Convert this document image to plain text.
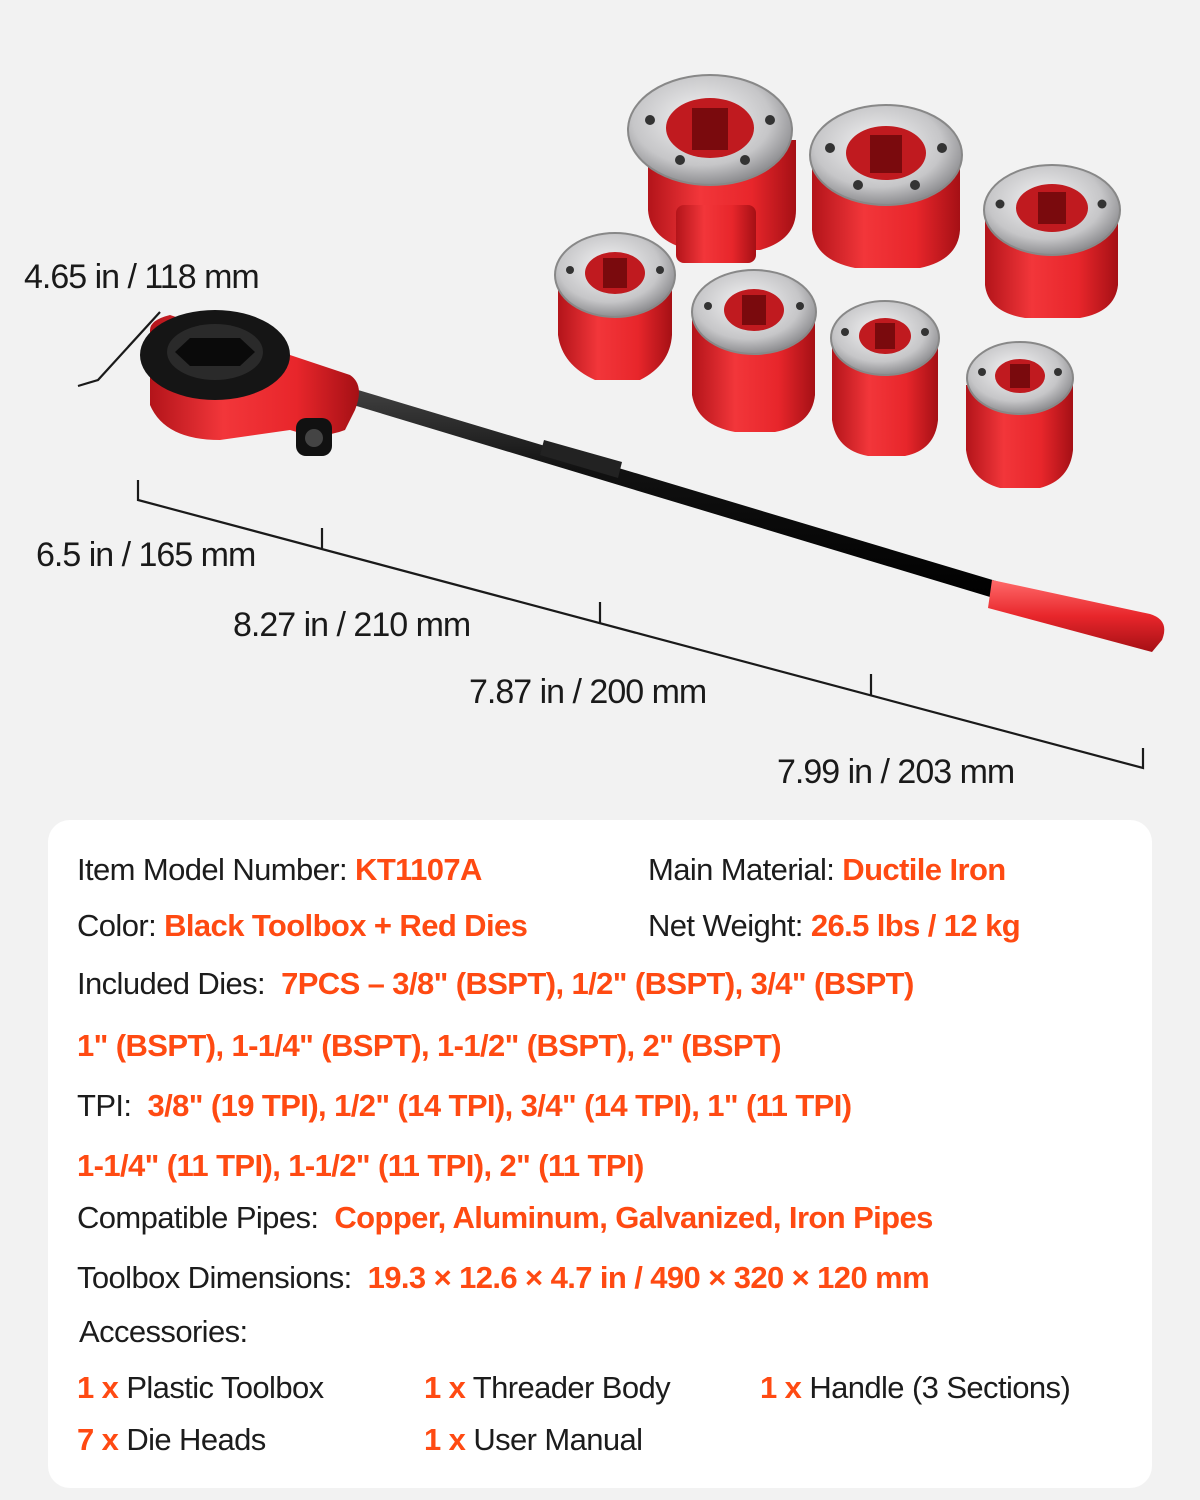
4.65 in / 118 mm
6.5 in / 165 mm
8.27 in / 210 mm
7.87 in / 200 mm
7.99 in / 203 mm
Item Model Number: KT1107A	Main Material: Ductile Iron
Color: Black Toolbox + Red Dies	Net Weight: 26.5 lbs / 12 kg
Included Dies: 7PCS – 3/8" (BSPT), 1/2" (BSPT), 3/4" (BSPT)
1" (BSPT), 1-1/4" (BSPT), 1-1/2" (BSPT), 2" (BSPT)
TPI: 3/8" (19 TPI), 1/2" (14 TPI), 3/4" (14 TPI), 1" (11 TPI)
1-1/4" (11 TPI), 1-1/2" (11 TPI), 2" (11 TPI)
Compatible Pipes: Copper, Aluminum, Galvanized, Iron Pipes
Toolbox Dimensions: 19.3 × 12.6 × 4.7 in / 490 × 320 × 120 mm
Accessories:
1 x Plastic Toolbox	1 x Threader Body	1 x Handle (3 Sections)
7 x Die Heads	1 x User Manual
